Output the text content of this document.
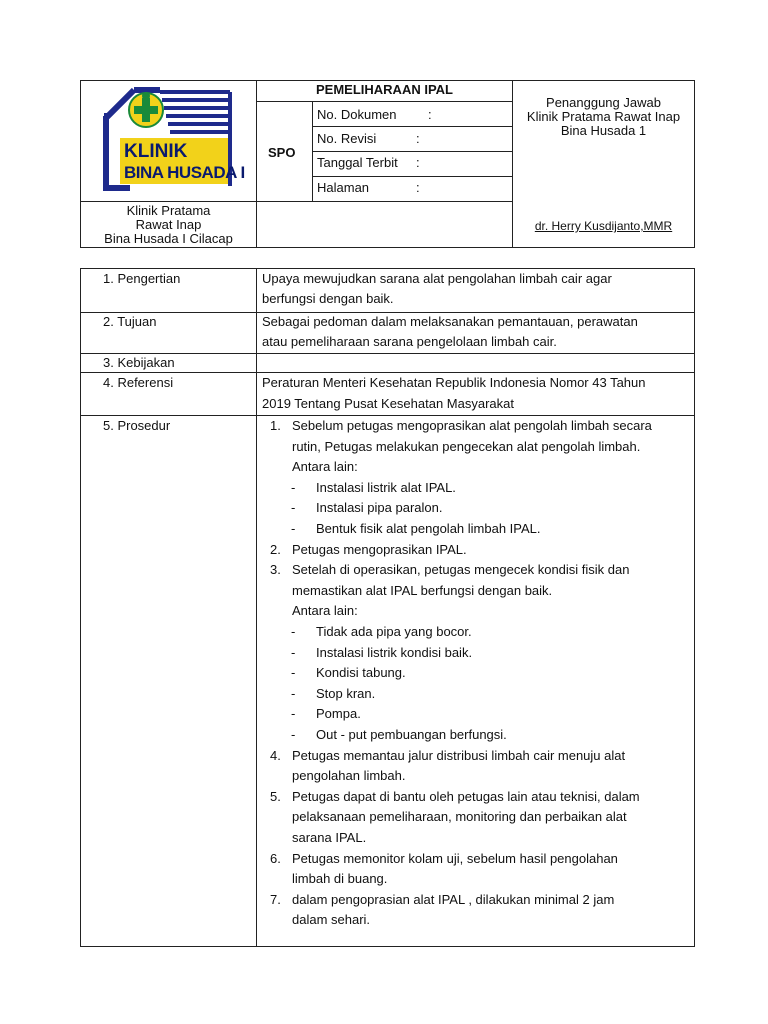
KLINIK
BINA HUSADA I
PEMELIHARAAN IPAL
SPO
No. Dokumen :
No. Revisi	:
Tanggal Terbit :
Halaman	:
Penanggung Jawab
Klinik Pratama Rawat Inap
Bina Husada 1
dr. Herry Kusdijanto,MMR
Klinik Pratama
Rawat Inap
Bina Husada I Cilacap
1. Pengertian
2. Tujuan
3. Kebijakan
4. Referensi
5. Prosedur
Upaya mewujudkan sarana alat pengolahan limbah cair agar
berfungsi dengan baik.
Sebagai pedoman dalam melaksanakan pemantauan, perawatan
atau pemeliharaan sarana pengelolaan limbah cair.
Peraturan Menteri Kesehatan Republik Indonesia Nomor 43 Tahun
2019 Tentang Pusat Kesehatan Masyarakat
1. Sebelum petugas mengoprasikan alat pengolah limbah secara
rutin, Petugas melakukan pengecekan alat pengolah limbah.
Antara lain:
- Instalasi listrik alat IPAL.
- Instalasi pipa paralon.
- Bentuk fisik alat pengolah limbah IPAL.
2. Petugas mengoprasikan IPAL.
3. Setelah di operasikan, petugas mengecek kondisi fisik dan
memastikan alat IPAL berfungsi dengan baik.
Antara lain:
- Tidak ada pipa yang bocor.
- Instalasi listrik kondisi baik.
- Kondisi tabung.
- Stop kran.
- Pompa.
- Out - put pembuangan berfungsi.
4. Petugas memantau jalur distribusi limbah cair menuju alat
pengolahan limbah.
5. Petugas dapat di bantu oleh petugas lain atau teknisi, dalam
pelaksanaan pemeliharaan, monitoring dan perbaikan alat
sarana IPAL.
6. Petugas memonitor kolam uji, sebelum hasil pengolahan
limbah di buang.
7. dalam pengoprasian alat IPAL , dilakukan minimal 2 jam
dalam sehari.
